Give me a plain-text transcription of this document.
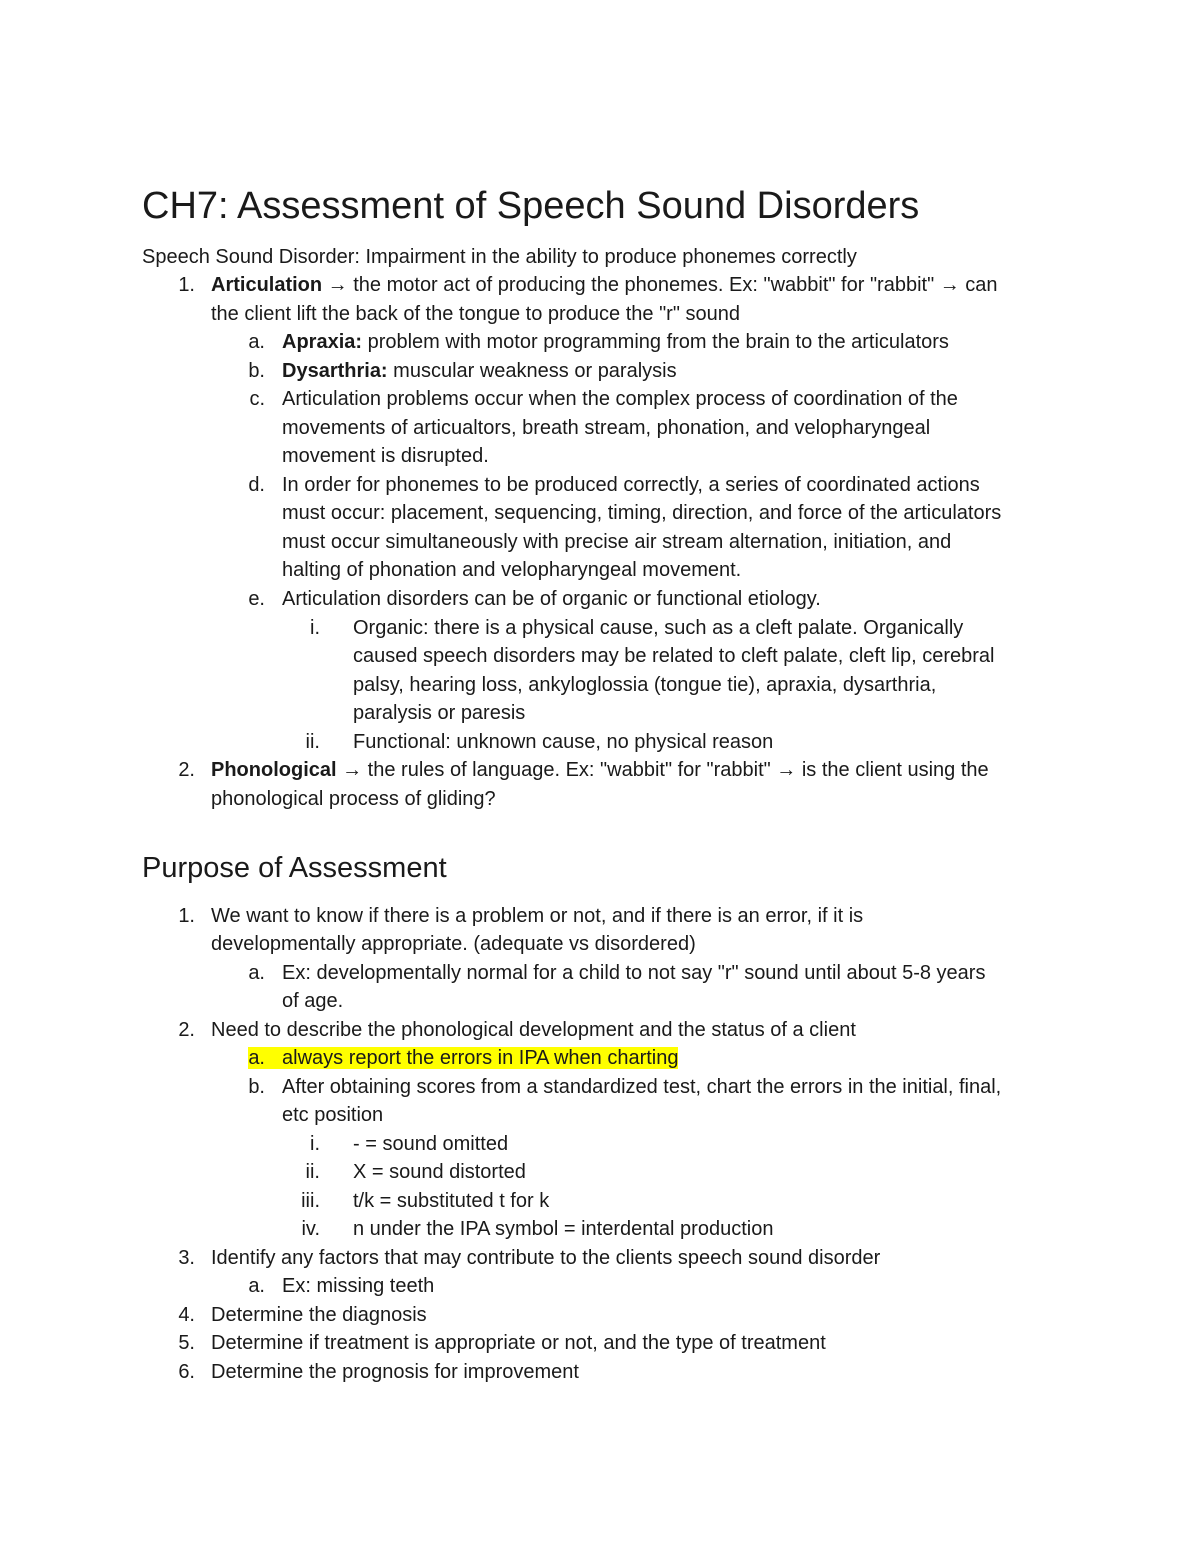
CH7: Assessment of Speech Sound Disorders
Speech Sound Disorder: Impairment in the ability to produce phonemes correctly
1. Articulation → the motor act of producing the phonemes. Ex: "wabbit" for "rabbit" → can
the client lift the back of the tongue to produce the "r" sound
a. Apraxia: problem with motor programming from the brain to the articulators
b. Dysarthria: muscular weakness or paralysis
c. Articulation problems occur when the complex process of coordination of the
movements of articualtors, breath stream, phonation, and velopharyngeal
movement is disrupted.
d. In order for phonemes to be produced correctly, a series of coordinated actions
must occur: placement, sequencing, timing, direction, and force of the articulators
must occur simultaneously with precise air stream alternation, initiation, and
halting of phonation and velopharyngeal movement.
e. Articulation disorders can be of organic or functional etiology.
i. Organic: there is a physical cause, such as a cleft palate. Organically
caused speech disorders may be related to cleft palate, cleft lip, cerebral
palsy, hearing loss, ankyloglossia (tongue tie), apraxia, dysarthria,
paralysis or paresis
ii. Functional: unknown cause, no physical reason
2. Phonological → the rules of language. Ex: "wabbit" for "rabbit" → is the client using the
phonological process of gliding?
Purpose of Assessment
1. We want to know if there is a problem or not, and if there is an error, if it is
developmentally appropriate. (adequate vs disordered)
a. Ex: developmentally normal for a child to not say "r" sound until about 5-8 years
of age.
2. Need to describe the phonological development and the status of a client
a. always report the errors in IPA when charting
b. After obtaining scores from a standardized test, chart the errors in the initial, final,
etc position
i. - = sound omitted
ii. X = sound distorted
iii. t/k = substituted t for k
iv. n under the IPA symbol = interdental production
3. Identify any factors that may contribute to the clients speech sound disorder
a. Ex: missing teeth
4. Determine the diagnosis
5. Determine if treatment is appropriate or not, and the type of treatment
6. Determine the prognosis for improvement
